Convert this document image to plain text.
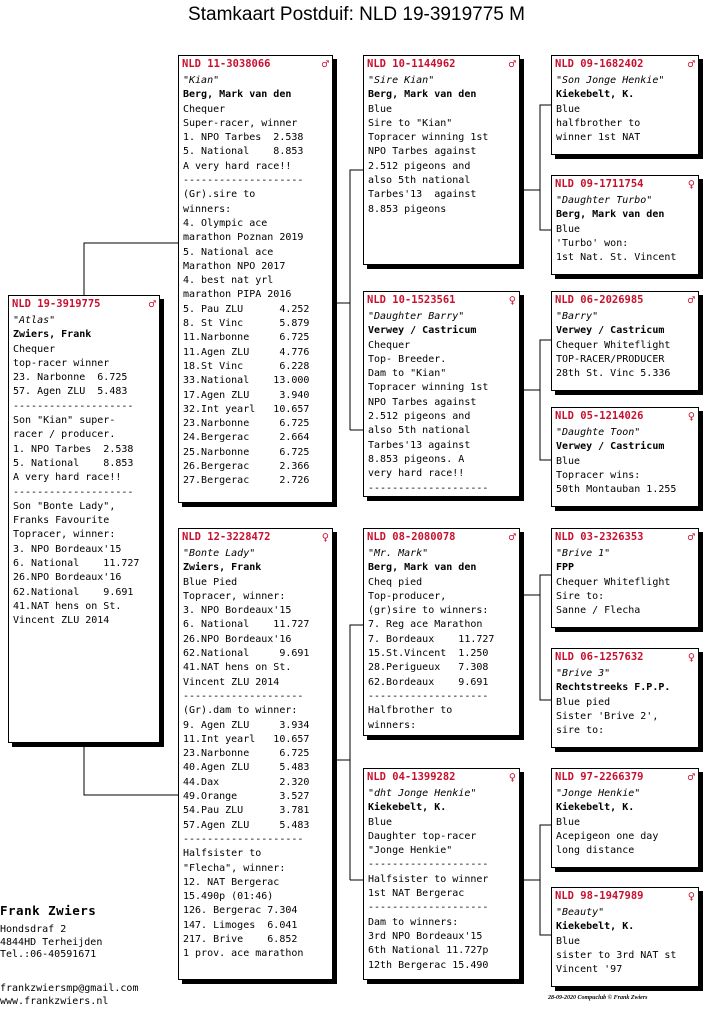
Stamkaart Postduif: NLD 19-3919775 M
NLD 19-3919775	♂
"Atlas"
Zwiers, Frank
Chequer
top-racer winner
23. Narbonne  6.725
57. Agen ZLU  5.483
--------------------
Son "Kian" super-
racer / producer.
1. NPO Tarbes  2.538
5. National    8.853
A very hard race!!
--------------------
Son "Bonte Lady",
Franks Favourite
Topracer, winner:
3. NPO Bordeaux'15
6. National    11.727
26.NPO Bordeaux'16
62.National    9.691
41.NAT hens on St.
Vincent ZLU 2014
NLD 11-3038066	♂
"Kian"
Berg, Mark van den
Chequer
Super-racer, winner
1. NPO Tarbes  2.538
5. National    8.853
A very hard race!!
--------------------
(Gr).sire to
winners:
4. Olympic ace
marathon Poznan 2019
5. National ace
Marathon NPO 2017
4. best nat yrl
marathon PIPA 2016
5. Pau ZLU      4.252
8. St Vinc      5.879
11.Narbonne     6.725
11.Agen ZLU     4.776
18.St Vinc      6.228
33.National    13.000
17.Agen ZLU     3.940
32.Int yearl   10.657
23.Narbonne     6.725
24.Bergerac     2.664
25.Narbonne     6.725
26.Bergerac     2.366
27.Bergerac     2.726
NLD 12-3228472	♀
"Bonte Lady"
Zwiers, Frank
Blue Pied
Topracer, winner:
3. NPO Bordeaux'15
6. National    11.727
26.NPO Bordeaux'16
62.National     9.691
41.NAT hens on St.
Vincent ZLU 2014
--------------------
(Gr).dam to winner:
9. Agen ZLU     3.934
11.Int yearl   10.657
23.Narbonne     6.725
40.Agen ZLU     5.483
44.Dax          2.320
49.Orange       3.527
54.Pau ZLU      3.781
57.Agen ZLU     5.483
--------------------
Halfsister to
"Flecha", winner:
12. NAT Bergerac
15.490p (01:46)
126. Bergerac 7.304
147. Limoges  6.041
217. Brive    6.852
1 prov. ace marathon
NLD 10-1144962	♂
"Sire Kian"
Berg, Mark van den
Blue
Sire to "Kian"
Topracer winning 1st
NPO Tarbes against
2.512 pigeons and
also 5th national
Tarbes'13  against
8.853 pigeons
NLD 10-1523561	♀
"Daughter Barry"
Verwey / Castricum
Chequer
Top- Breeder.
Dam to "Kian"
Topracer winning 1st
NPO Tarbes against
2.512 pigeons and
also 5th national
Tarbes'13 against
8.853 pigeons. A
very hard race!!
--------------------
NLD 08-2080078	♂
"Mr. Mark"
Berg, Mark van den
Cheq pied
Top-producer,
(gr)sire to winners:
7. Reg ace Marathon
7. Bordeaux    11.727
15.St.Vincent  1.250
28.Perigueux   7.308
62.Bordeaux    9.691
--------------------
Halfbrother to
winners:
NLD 04-1399282	♀
"dht Jonge Henkie"
Kiekebelt, K.
Blue
Daughter top-racer
"Jonge Henkie"
--------------------
Halfsister to winner
1st NAT Bergerac
--------------------
Dam to winners:
3rd NPO Bordeaux'15
6th National 11.727p
12th Bergerac 15.490
NLD 09-1682402	♂
"Son Jonge Henkie"
Kiekebelt, K.
Blue
halfbrother to
winner 1st NAT
NLD 09-1711754	♀
"Daughter Turbo"
Berg, Mark van den
Blue
'Turbo' won:
1st Nat. St. Vincent
NLD 06-2026985	♂
"Barry"
Verwey / Castricum
Chequer Whiteflight
TOP-RACER/PRODUCER
28th St. Vinc 5.336
NLD 05-1214026	♀
"Daughte Toon"
Verwey / Castricum
Blue
Topracer wins:
50th Montauban 1.255
NLD 03-2326353	♂
"Brive 1"
FPP
Chequer Whiteflight
Sire to:
Sanne / Flecha
NLD 06-1257632	♀
"Brive 3"
Rechtstreeks F.P.P.
Blue pied
Sister 'Brive 2',
sire to:
NLD 97-2266379	♂
"Jonge Henkie"
Kiekebelt, K.
Blue
Acepigeon one day
long distance
NLD 98-1947989	♀
"Beauty"
Kiekebelt, K.
Blue
sister to 3rd NAT st
Vincent '97
Frank Zwiers
Hondsdraf 2
4844HD Terheijden
Tel.:06-40591671
frankzwiersmp@gmail.com
www.frankzwiers.nl	28-09-2020 Compuclub © Frank Zwiers
